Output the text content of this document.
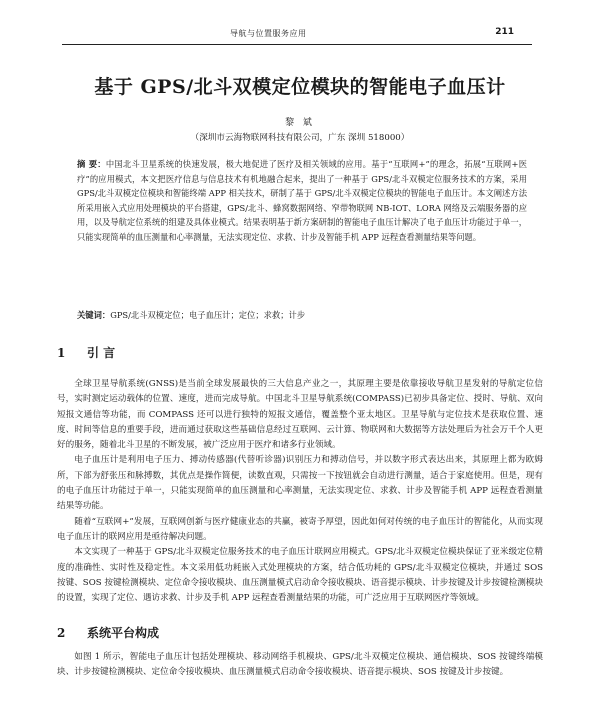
导航与位置服务应用	211
基于 GPS/北斗双模定位模块的智能电子血压计
黎 斌
（深圳市云海物联网科技有限公司，广东 深圳 518000）
摘 要：中国北斗卫星系统的快速发展，极大地促进了医疗及相关领域的应用。基于“互联网+”的理念，拓展“互联网+医疗”的应用模式，本文把医疗信息与信息技术有机地融合起来，提出了一种基于 GPS/北斗双模定位服务技术的方案，采用 GPS/北斗双模定位模块和智能终端 APP 相关技术，研制了基于 GPS/北斗双模定位模块的智能电子血压计。本文阐述方法所采用嵌入式应用处理模块的平台搭建，GPS/北斗、蜂窝数据网络、窄带物联网 NB-IOT、LORA 网络及云端服务器的应用，以及导航定位系统的组建及具体业模式。结果表明基于新方案研制的智能电子血压计解决了电子血压计功能过于单一，只能实现简单的血压测量和心率测量，无法实现定位、求救、计步及智能手机 APP 远程查看测量结果等问题。
关键词：GPS/北斗双模定位；电子血压计；定位；求救；计步
1 引 言

全球卫星导航系统(GNSS)是当前全球发展最快的三大信息产业之一，其原理主要是依靠接收导航卫星发射的导航定位信号，实时测定运动载体的位置、速度，进而完成导航。中国北斗卫星导航系统(COMPASS)已初步具备定位、授时、导航、双向短报文通信等功能，而 COMPASS 还可以进行独特的短报文通信，覆盖整个亚太地区。卫星导航与定位技术是获取位置、速度、时间等信息的重要手段，进而通过获取这些基础信息经过互联网、云计算、物联网和大数据等方法处理后为社会万千个人更好的服务，随着北斗卫星的不断发展，被广泛应用于医疗和诸多行业领域。

电子血压计是利用电子压力、搏动传感器(代替听诊器)识别压力和搏动信号，并以数字形式表达出来，其原理上都为欧姆所，下部为舒张压和脉搏数，其优点是操作简便，读数直观，只需按一下按钮就会自动进行测量，适合于家庭使用。但是，现有的电子血压计功能过于单一，只能实现简单的血压测量和心率测量，无法实现定位、求救、计步及智能手机 APP 远程查看测量结果等功能。

随着“互联网+”发展，互联网创新与医疗健康业态的共赢，被寄予厚望，因此如何对传统的电子血压计的智能化，从而实现电子血压计的联网应用是亟待解决问题。

本文实现了一种基于 GPS/北斗双模定位服务技术的电子血压计联网应用模式。GPS/北斗双模定位模块保证了亚米级定位精度的准确性、实时性及稳定性。本文采用低功耗嵌入式处理模块的方案，结合低功耗的 GPS/北斗双模定位模块，并通过 SOS 按键、SOS 按键检测模块、定位命令接收模块、血压测量模式启动命令接收模块、语音提示模块、计步按键及计步按键检测模块的设置，实现了定位、遇访求救、计步及手机 APP 远程查看测量结果的功能，可广泛应用于互联网医疗等领域。

2 系统平台构成

如图 1 所示，智能电子血压计包括处理模块、移动网络手机模块、GPS/北斗双模定位模块、通信模块、SOS 按键终端模块、计步按键检测模块、定位命令接收模块、血压测量模式启动命令接收模块、语音提示模块、SOS 按键及计步按键。
